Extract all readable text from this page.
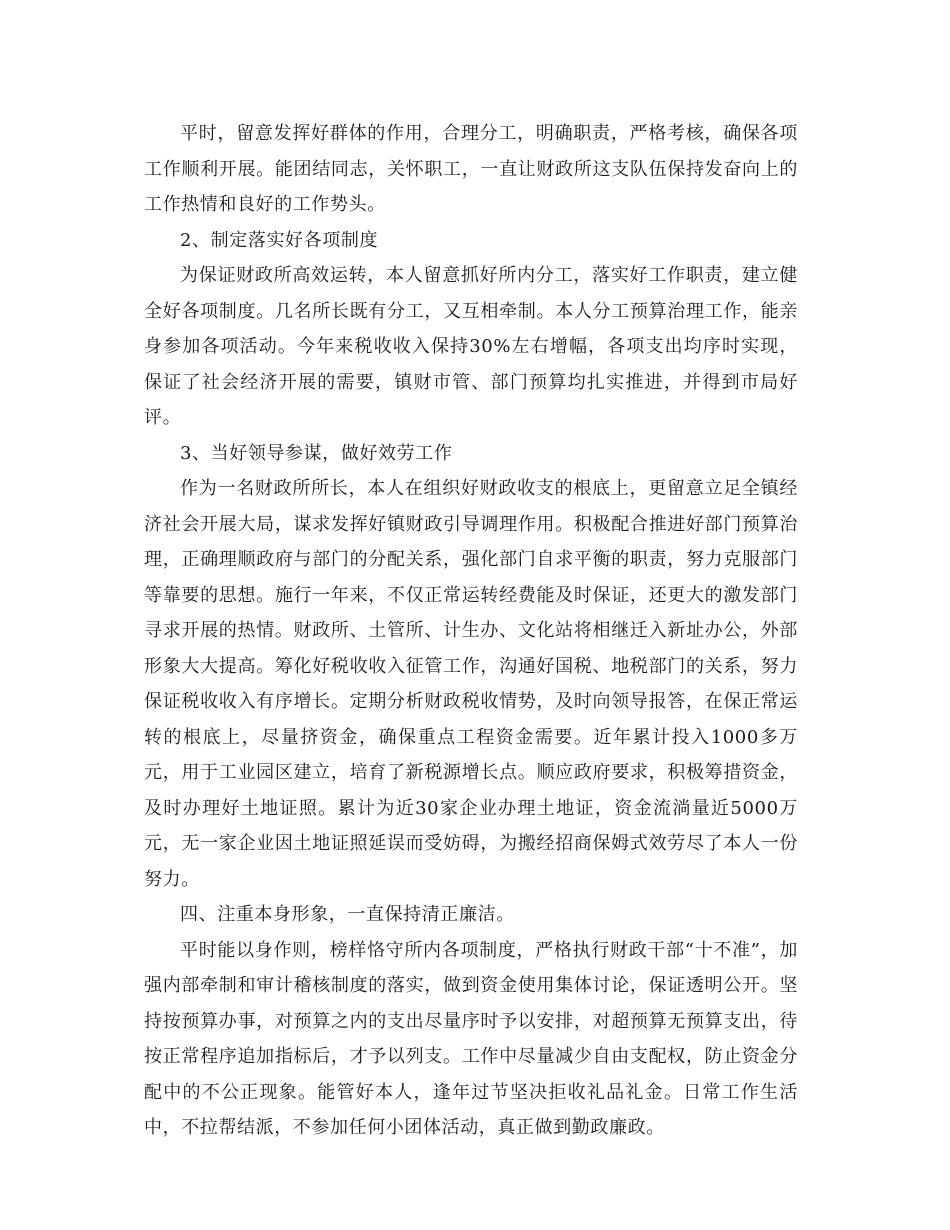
平时，留意发挥好群体的作用，合理分工，明确职责，严格考核，确保各项工作顺利开展。能团结同志，关怀职工，一直让财政所这支队伍保持发奋向上的工作热情和良好的工作势头。

2、制定落实好各项制度

为保证财政所高效运转，本人留意抓好所内分工，落实好工作职责，建立健全好各项制度。几名所长既有分工，又互相牵制。本人分工预算治理工作，能亲身参加各项活动。今年来税收收入保持30%左右增幅，各项支出均序时实现，保证了社会经济开展的需要，镇财市管、部门预算均扎实推进，并得到市局好评。

3、当好领导参谋，做好效劳工作

作为一名财政所所长，本人在组织好财政收支的根底上，更留意立足全镇经济社会开展大局，谋求发挥好镇财政引导调理作用。积极配合推进好部门预算治理，正确理顺政府与部门的分配关系，强化部门自求平衡的职责，努力克服部门等靠要的思想。施行一年来，不仅正常运转经费能及时保证，还更大的激发部门寻求开展的热情。财政所、土管所、计生办、文化站将相继迁入新址办公，外部形象大大提高。筹化好税收收入征管工作，沟通好国税、地税部门的关系，努力保证税收收入有序增长。定期分析财政税收情势，及时向领导报答，在保正常运转的根底上，尽量挤资金，确保重点工程资金需要。近年累计投入1000多万元，用于工业园区建立，培育了新税源增长点。顺应政府要求，积极筹措资金，及时办理好土地证照。累计为近30家企业办理土地证，资金流淌量近5000万元，无一家企业因土地证照延误而受妨碍，为搬经招商保姆式效劳尽了本人一份努力。

四、注重本身形象，一直保持清正廉洁。

平时能以身作则，榜样恪守所内各项制度，严格执行财政干部“十不准”，加强内部牵制和审计稽核制度的落实，做到资金使用集体讨论，保证透明公开。坚持按预算办事，对预算之内的支出尽量序时予以安排，对超预算无预算支出，待按正常程序追加指标后，才予以列支。工作中尽量减少自由支配权，防止资金分配中的不公正现象。能管好本人，逢年过节坚决拒收礼品礼金。日常工作生活中，不拉帮结派，不参加任何小团体活动，真正做到勤政廉政。
